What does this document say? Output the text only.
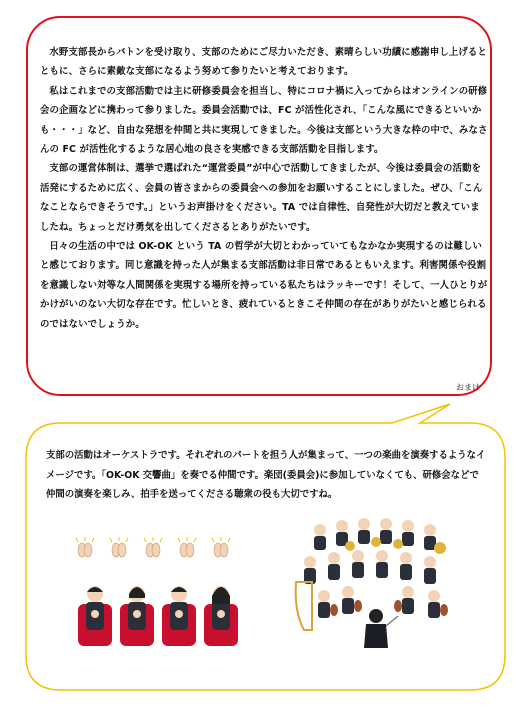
水野支部長からバトンを受け取り、支部のためにご尽力いただき、素晴らしい功績に感謝申し上げるとともに、さらに素敵な支部になるよう努めて参りたいと考えております。

私はこれまでの支部活動では主に研修委員会を担当し、特にコロナ禍に入ってからはオンラインの研修会の企画などに携わって参りました。委員会活動では、FC が活性化され、「こんな風にできるといいかも・・・」など、自由な発想を仲間と共に実現してきました。今後は支部という大きな枠の中で、みなさんの FC が活性化するような居心地の良さを実感できる支部活動を目指します。

支部の運営体制は、選挙で選ばれた“運営委員”が中心で活動してきましたが、今後は委員会の活動を活発にするために広く、会員の皆さまからの委員会への参加をお願いすることにしました。ぜひ、「こんなことならできそうです。」というお声掛けをください。TA では自律性、自発性が大切だと教えていましたね。ちょっとだけ勇気を出してくださるとありがたいです。

日々の生活の中では OK-OK という TA の哲学が大切とわかっていてもなかなか実現するのは難しいと感じております。同じ意識を持った人が集まる支部活動は非日常であるともいえます。利害関係や役割を意識しない対等な人間関係を実現する場所を持っている私たちはラッキーです！そして、一人ひとりがかけがいのない大切な存在です。忙しいとき、疲れているときこそ仲間の存在がありがたいと感じられるのではないでしょうか。

おまけ

支部の活動はオーケストラです。それぞれのパートを担う人が集まって、一つの楽曲を演奏するようなイメージです。「OK-OK 交響曲」を奏でる仲間です。楽団(委員会)に参加していなくても、研修会などで仲間の演奏を楽しみ、拍手を送ってくださる聴衆の役も大切ですね。
